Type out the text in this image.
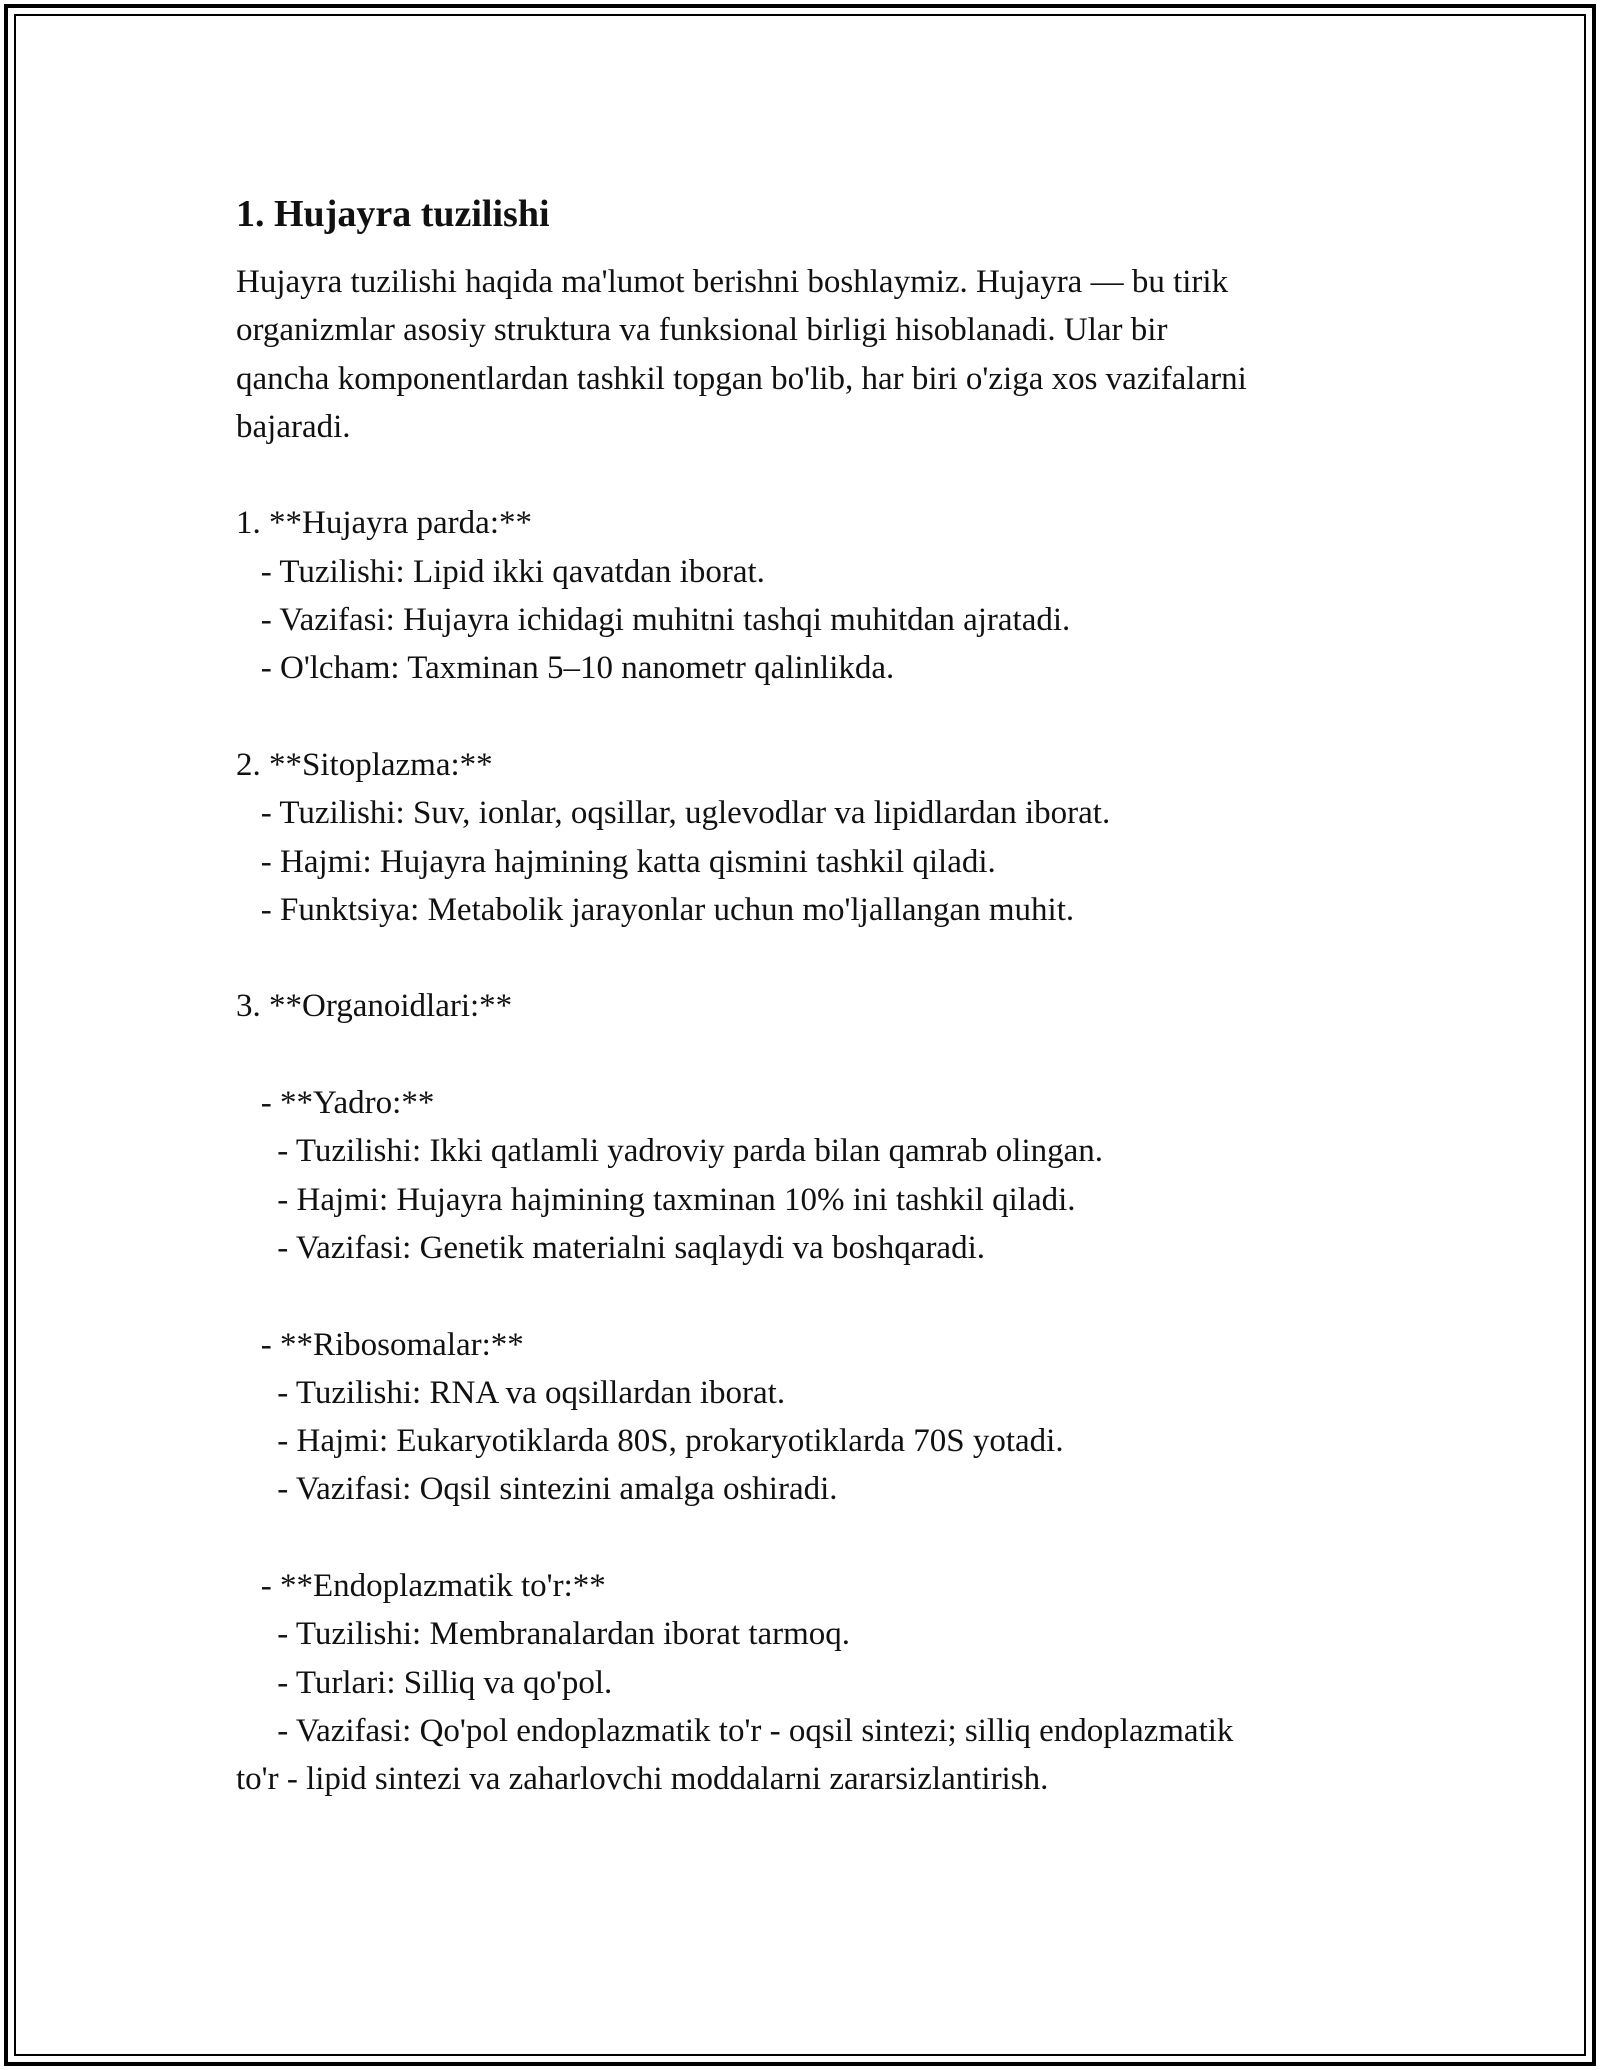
1. Hujayra tuzilishi
Hujayra tuzilishi haqida ma'lumot berishni boshlaymiz. Hujayra — bu tirik
organizmlar asosiy struktura va funksional birligi hisoblanadi. Ular bir
qancha komponentlardan tashkil topgan bo'lib, har biri o'ziga xos vazifalarni
bajaradi.
1. **Hujayra parda:**
- Tuzilishi: Lipid ikki qavatdan iborat.
- Vazifasi: Hujayra ichidagi muhitni tashqi muhitdan ajratadi.
- O'lcham: Taxminan 5–10 nanometr qalinlikda.
2. **Sitoplazma:**
- Tuzilishi: Suv, ionlar, oqsillar, uglevodlar va lipidlardan iborat.
- Hajmi: Hujayra hajmining katta qismini tashkil qiladi.
- Funktsiya: Metabolik jarayonlar uchun mo'ljallangan muhit.
3. **Organoidlari:**
- **Yadro:**
- Tuzilishi: Ikki qatlamli yadroviy parda bilan qamrab olingan.
- Hajmi: Hujayra hajmining taxminan 10% ini tashkil qiladi.
- Vazifasi: Genetik materialni saqlaydi va boshqaradi.
- **Ribosomalar:**
- Tuzilishi: RNA va oqsillardan iborat.
- Hajmi: Eukaryotiklarda 80S, prokaryotiklarda 70S yotadi.
- Vazifasi: Oqsil sintezini amalga oshiradi.
- **Endoplazmatik to'r:**
- Tuzilishi: Membranalardan iborat tarmoq.
- Turlari: Silliq va qo'pol.
- Vazifasi: Qo'pol endoplazmatik to'r - oqsil sintezi; silliq endoplazmatik
to'r - lipid sintezi va zaharlovchi moddalarni zararsizlantirish.
